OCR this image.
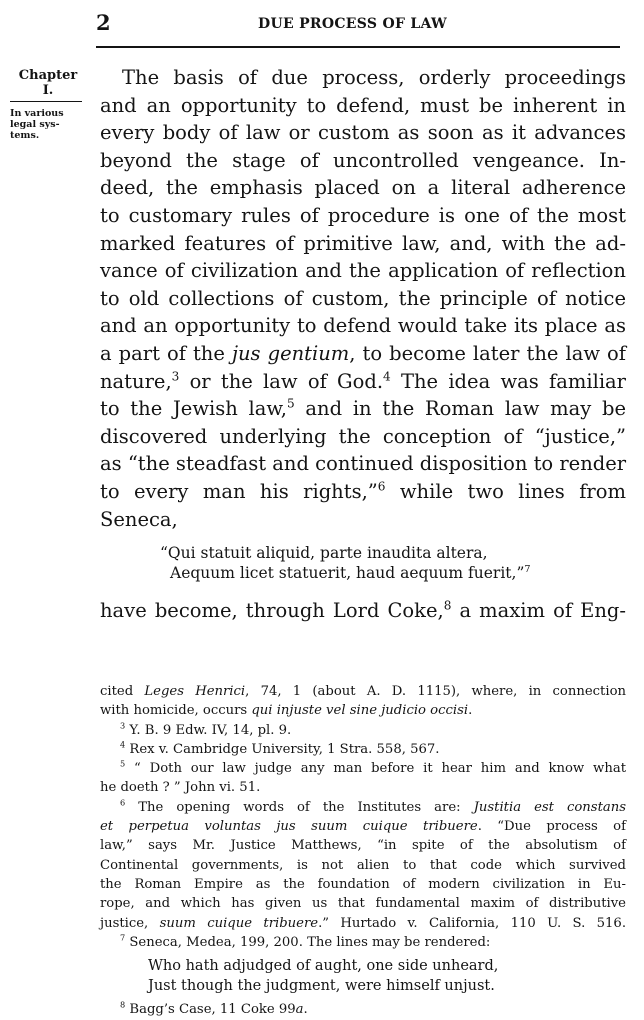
2	DUE PROCESS OF LAW
Chapter
I.
In various
legal sys-
tems.
The basis of due process, orderly proceedings
and an opportunity to defend, must be inherent in
every body of law or custom as soon as it advances
beyond the stage of uncontrolled vengeance. In-
deed, the emphasis placed on a literal adherence
to customary rules of procedure is one of the most
marked features of primitive law, and, with the ad-
vance of civilization and the application of reflection
to old collections of custom, the principle of notice
and an opportunity to defend would take its place as
a part of the jus gentium, to become later the law of
nature,$^3$ or the law of God.$^4$ The idea was familiar
to the Jewish law,$^5$ and in the Roman law may be
discovered underlying the conception of “justice,”
as “the steadfast and continued disposition to render
to every man his rights,”$^6$ while two lines from
Seneca,
“Qui statuit aliquid, parte inaudita altera,
Aequum licet statuerit, haud aequum fuerit,”$^7$
have become, through Lord Coke,$^8$ a maxim of Eng-
cited Leges Henrici, 74, 1 (about A. D. 1115), where, in connection
with homicide, occurs qui injuste vel sine judicio occisi.
$^3$ Y. B. 9 Edw. IV, 14, pl. 9.
$^4$ Rex v. Cambridge University, 1 Stra. 558, 567.
$^5$ “ Doth our law judge any man before it hear him and know what
he doeth ? ” John vi. 51.
$^6$ The opening words of the Institutes are: Justitia est constans
et perpetua voluntas jus suum cuique tribuere. “Due process of
law,” says Mr. Justice Matthews, “in spite of the absolutism of
Continental governments, is not alien to that code which survived
the Roman Empire as the foundation of modern civilization in Eu-
rope, and which has given us that fundamental maxim of distributive
justice, suum cuique tribuere.” Hurtado v. California, 110 U. S. 516.
$^7$ Seneca, Medea, 199, 200. The lines may be rendered:
Who hath adjudged of aught, one side unheard,
Just though the judgment, were himself unjust.
$^8$ Bagg’s Case, 11 Coke 99a.
